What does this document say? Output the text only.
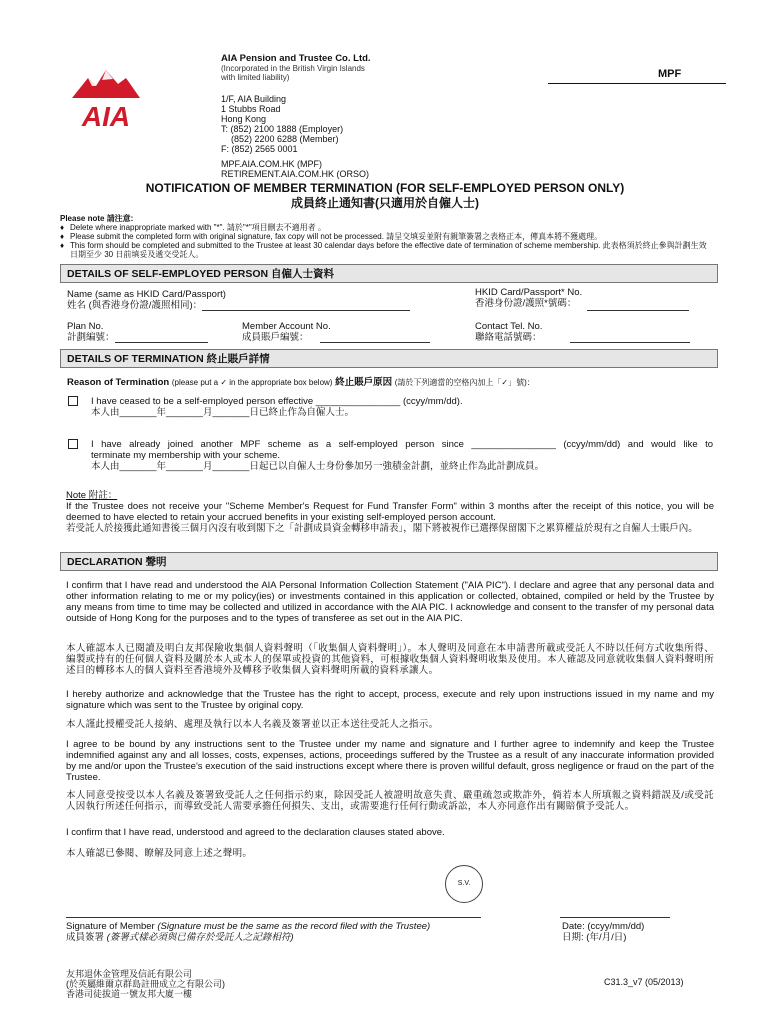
AIA
AIA Pension and Trustee Co. Ltd.
(Incorporated in the British Virgin Islands
with limited liability)
1/F, AIA Building
1 Stubbs Road
Hong Kong
T: (852) 2100 1888 (Employer)
(852) 2200 6288 (Member)
F: (852) 2565 0001
MPF.AIA.COM.HK (MPF)
RETIREMENT.AIA.COM.HK (ORSO)
MPF
NOTIFICATION OF MEMBER TERMINATION (FOR SELF-EMPLOYED PERSON ONLY)
成員終止通知書(只適用於自僱人士)
Please note 請注意:
♦ Delete where inappropriate marked with "*". 請於"*"項目刪去不適用者 。
♦ Please submit the completed form with original signature, fax copy will not be processed. 請呈交填妥並附有親筆簽署之表格正本，傳真本將不獲處理。
♦ This form should be completed and submitted to the Trustee at least 30 calendar days before the effective date of termination of scheme membership. 此表格須於終止參與計劃生效日期至少 30 日前填妥及遞交受託人。
DETAILS OF SELF-EMPLOYED PERSON 自僱人士資料
Name (same as HKID Card/Passport)
姓名 (與香港身份證/護照相同)：
HKID Card/Passport* No.
香港身份證/護照*號碼：
Plan No.
計劃編號：
Member Account No.
成員賬戶編號：
Contact Tel. No.
聯絡電話號碼：
DETAILS OF TERMINATION 終止賬戶詳情
Reason of Termination (please put a ✓ in the appropriate box below) 終止賬戶原因 (請於下列適當的空格內加上「✓」號)：
I have ceased to be a self-employed person effective ________________ (ccyy/mm/dd).
本人由_______年_______月_______日已終止作為自僱人士。
I have already joined another MPF scheme as a self-employed person since ________________ (ccyy/mm/dd) and would like to
terminate my membership with your scheme.
本人由_______年_______月_______日起已以自僱人士身份參加另一強積金計劃，並終止作為此計劃成員。
Note 附註：
If the Trustee does not receive your "Scheme Member's Request for Fund Transfer Form" within 3 months after the receipt of this notice, you will be deemed to have elected to retain your accrued benefits in your existing self-employed person account.
若受託人於接獲此通知書後三個月內沒有收到閣下之「計劃成員資金轉移申請表」，閣下將被視作已選擇保留閣下之累算權益於現有之自僱人士賬戶內。
DECLARATION 聲明
I confirm that I have read and understood the AIA Personal Information Collection Statement ("AIA PIC"). I declare and agree that any personal data and other information relating to me or my policy(ies) or investments contained in this application or collected, obtained, compiled or held by the Trustee by any means from time to time may be collected and utilized in accordance with the AIA PIC. I acknowledge and consent to the transfer of my personal data outside of Hong Kong for the purposes and to the types of transferee as set out in the AIA PIC.
本人確認本人已閱讀及明白友邦保險收集個人資料聲明（「收集個人資料聲明」）。本人聲明及同意在本申請書所載或受託人不時以任何方式收集所得、編製或持有的任何個人資料及關於本人或本人的保單或投資的其他資料，可根據收集個人資料聲明收集及使用。本人確認及同意就收集個人資料聲明所述目的轉移本人的個人資料至香港境外及轉移予收集個人資料聲明所載的資料承讓人。
I hereby authorize and acknowledge that the Trustee has the right to accept, process, execute and rely upon instructions issued in my name and my signature which was sent to the Trustee by original copy.
本人謹此授權受託人接納、處理及執行以本人名義及簽署並以正本送往受託人之指示。
I agree to be bound by any instructions sent to the Trustee under my name and signature and I further agree to indemnify and keep the Trustee indemnified against any and all losses, costs, expenses, actions, proceedings suffered by the Trustee as a result of any inaccurate information provided by me and/or upon the Trustee's execution of the said instructions except where there is proven willful default, gross negligence or fraud on the part of the Trustee.
本人同意受按受以本人名義及簽署致受託人之任何指示約束，除因受託人被證明故意失責、嚴重疏忽或欺詐外，倘若本人所填報之資料錯誤及/或受託人因執行所述任何指示，而導致受託人需要承擔任何損失、支出，或需要進行任何行動或訴訟，本人亦同意作出有關賠償予受託人。
I confirm that I have read, understood and agreed to the declaration clauses stated above.
本人確認已參閱、瞭解及同意上述之聲明。
S.V.
Signature of Member (Signature must be the same as the record filed with the Trustee)
成員簽署 (簽署式樣必須與已備存於受託人之記錄相符)
Date: (ccyy/mm/dd)
日期: (年/月/日)
友邦退休金管理及信託有限公司
(於英屬維爾京群島註冊成立之有限公司)
香港司徒拔道一號友邦大廈一樓
C31.3_v7 (05/2013)
